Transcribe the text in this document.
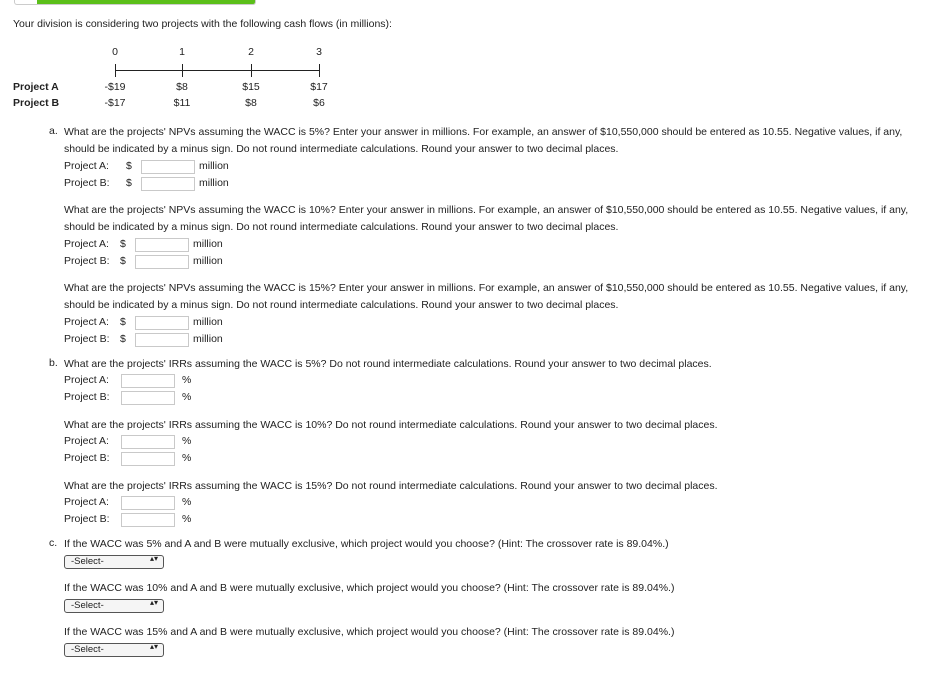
Your division is considering two projects with the following cash flows (in millions):
0	1	2	3
Project A	-$19	$8	$15	$17
Project B	-$17	$11	$8	$6
a. What are the projects' NPVs assuming the WACC is 5%? Enter your answer in millions. For example, an answer of $10,550,000 should be entered as 10.55. Negative values, if any, should be indicated by a minus sign. Do not round intermediate calculations. Round your answer to two decimal places.
Project A: $	million
Project B: $	million
What are the projects' NPVs assuming the WACC is 10%? Enter your answer in millions. For example, an answer of $10,550,000 should be entered as 10.55. Negative values, if any, should be indicated by a minus sign. Do not round intermediate calculations. Round your answer to two decimal places.
Project A: $	million
Project B: $	million
What are the projects' NPVs assuming the WACC is 15%? Enter your answer in millions. For example, an answer of $10,550,000 should be entered as 10.55. Negative values, if any, should be indicated by a minus sign. Do not round intermediate calculations. Round your answer to two decimal places.
Project A: $	million
Project B: $	million
b. What are the projects' IRRs assuming the WACC is 5%? Do not round intermediate calculations. Round your answer to two decimal places.
Project A:	%
Project B:	%
What are the projects' IRRs assuming the WACC is 10%? Do not round intermediate calculations. Round your answer to two decimal places.
Project A:	%
Project B:	%
What are the projects' IRRs assuming the WACC is 15%? Do not round intermediate calculations. Round your answer to two decimal places.
Project A:	%
Project B:	%
c. If the WACC was 5% and A and B were mutually exclusive, which project would you choose? (Hint: The crossover rate is 89.04%.)
-Select-	▴▾
If the WACC was 10% and A and B were mutually exclusive, which project would you choose? (Hint: The crossover rate is 89.04%.)
-Select-	▴▾
If the WACC was 15% and A and B were mutually exclusive, which project would you choose? (Hint: The crossover rate is 89.04%.)
-Select-	▴▾
